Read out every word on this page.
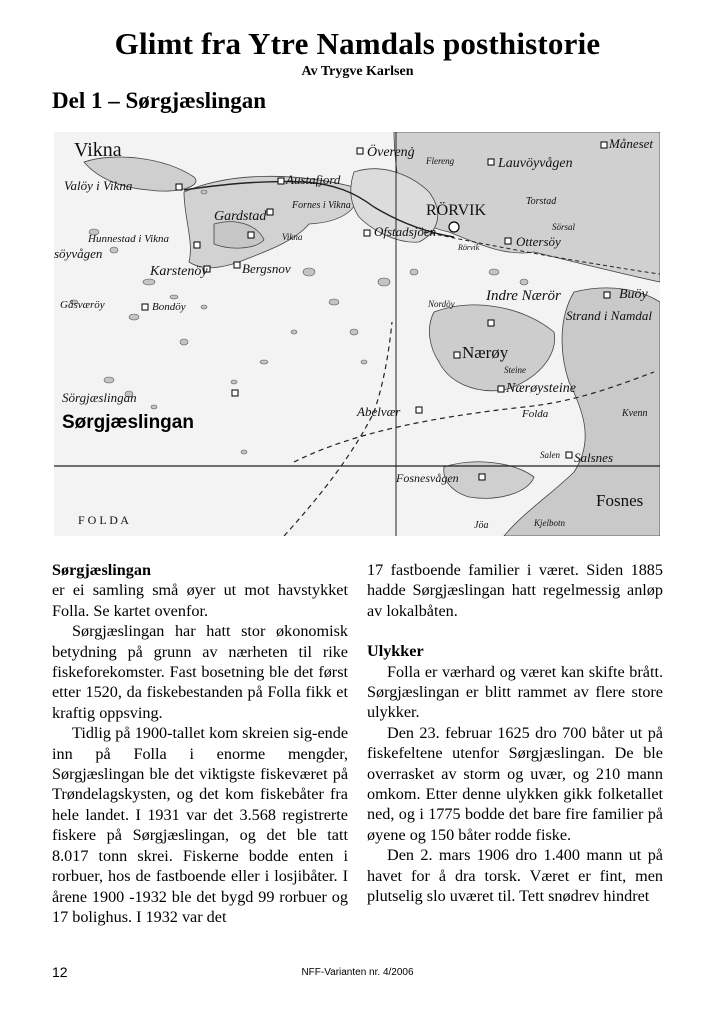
Glimt fra Ytre Namdals posthistorie
Av Trygve Karlsen
Del 1 – Sørgjæslingan
Vikna	Överenġ
Måneset
Flereng	Lauvöyvågen
Valöy i Vikna	Austafjord
Fornes i Vikna	RÖRVIK
Torstad
Gardstad
Ofstadsjöen	Sörsal
Hunnestad i Vikna	Vikna
Rörvik	Ottersöy
söyvågen
Karstenöy	Bergsnov
Nordöy Indre Nærör	Buöy
Gåsværöy	Bondöy
Strand i Namdal
Nærøy
Steine
Nærøysteine
Sörgjæslingan
Sørgjæslingan
Abelvær	Folda	Kvenn
Salsnes
Salen
Fosnesvågen
Fosnes
F O L D A	Jöa	Kjelbotn

Sørgjæslingan

er ei samling små øyer ut mot havstykket Folla. Se kartet ovenfor.

Sørgjæslingan har hatt stor økonomisk betydning på grunn av nærheten til rike fiskeforekomster. Fast bosetning ble det først etter 1520, da fiskebestanden på Folla fikk et kraftig oppsving.

Tidlig på 1900-tallet kom skreien sig-ende inn på Folla i enorme mengder, Sørgjæslingan ble det viktigste fiskeværet på Trøndelagskysten, og det kom fiskebåter fra hele landet. I 1931 var det 3.568 registrerte fiskere på Sørgjæslingan, og det ble tatt 8.017 tonn skrei. Fiskerne bodde enten i rorbuer, hos de fastboende eller i losjibåter. I årene 1900 -1932 ble det bygd 99 rorbuer og 17 bolighus. I 1932 var det

17 fastboende familier i været. Siden 1885 hadde Sørgjæslingan hatt regelmessig anløp av lokalbåten.

Ulykker

Folla er værhard og været kan skifte brått. Sørgjæslingan er blitt rammet av flere store ulykker.

Den 23. februar 1625 dro 700 båter ut på fiskefeltene utenfor Sørgjæslingan. De ble overrasket av storm og uvær, og 210 mann omkom. Etter denne ulykken gikk folketallet ned, og i 1775 bodde det bare fire familier på øyene og 150 båter rodde fiske.

Den 2. mars 1906 dro 1.400 mann ut på havet for å dra torsk. Været er fint, men plutselig slo uværet til. Tett snødrev hindret

12	NFF-Varianten nr. 4/2006
